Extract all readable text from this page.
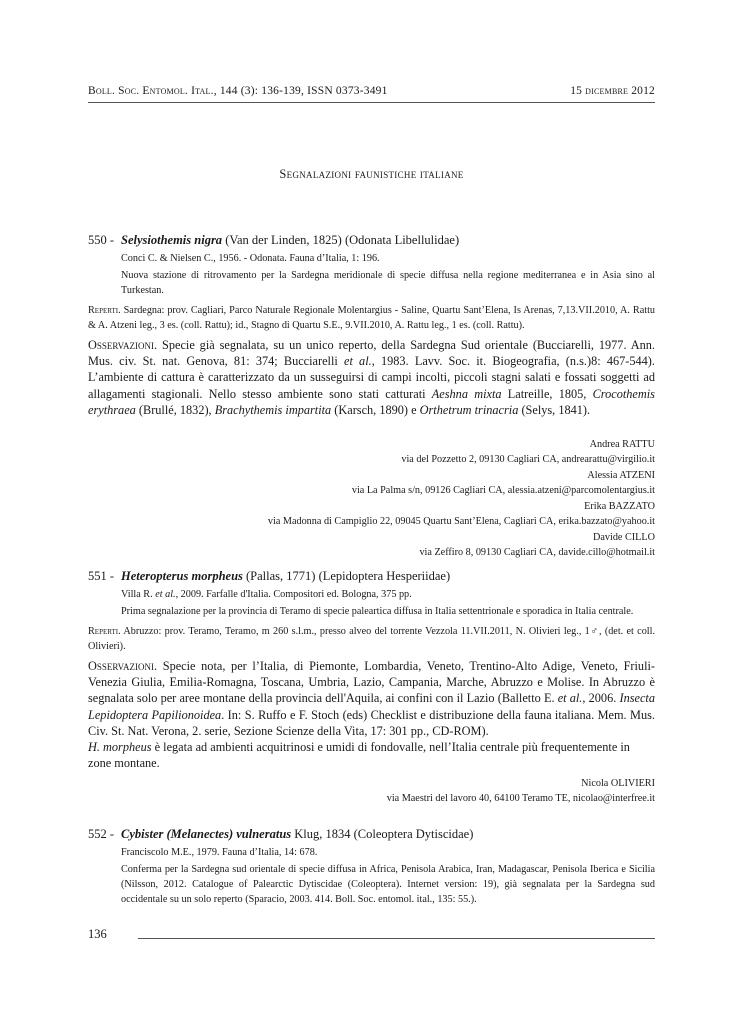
Boll. Soc. Entomol. Ital., 144 (3): 136-139, ISSN 0373-3491	15 dicembre 2012
Segnalazioni faunistiche italiane
550 - Selysiothemis nigra (Van der Linden, 1825) (Odonata Libellulidae)
Conci C. & Nielsen C., 1956. - Odonata. Fauna d’Italia, 1: 196.
Nuova stazione di ritrovamento per la Sardegna meridionale di specie diffusa nella regione mediterranea e in Asia sino al Turkestan.
Reperti. Sardegna: prov. Cagliari, Parco Naturale Regionale Molentargius - Saline, Quartu Sant’Elena, Is Arenas, 7,13.VII.2010, A. Rattu & A. Atzeni leg., 3 es. (coll. Rattu); id., Stagno di Quartu S.E., 9.VII.2010, A. Rattu leg., 1 es. (coll. Rattu).
Osservazioni. Specie già segnalata, su un unico reperto, della Sardegna Sud orientale (Bucciarelli, 1977. Ann. Mus. civ. St. nat. Genova, 81: 374; Bucciarelli et al., 1983. Lavv. Soc. it. Biogeografia, (n.s.)8: 467-544). L’ambiente di cattura è caratterizzato da un susseguirsi di campi incolti, piccoli stagni salati e fossati soggetti ad allagamenti stagionali. Nello stesso ambiente sono stati catturati Aeshna mixta Latreille, 1805, Crocothemis erythraea (Brullé, 1832), Brachythemis impartita (Karsch, 1890) e Orthetrum trinacria (Selys, 1841).
Andrea RATTU
via del Pozzetto 2, 09130 Cagliari CA, andrearattu@virgilio.it
Alessia ATZENI
via La Palma s/n, 09126 Cagliari CA, alessia.atzeni@parcomolentargius.it
Erika BAZZATO
via Madonna di Campiglio 22, 09045 Quartu Sant’Elena, Cagliari CA, erika.bazzato@yahoo.it
Davide CILLO
via Zeffiro 8, 09130 Cagliari CA, davide.cillo@hotmail.it
551 - Heteropterus morpheus (Pallas, 1771) (Lepidoptera Hesperiidae)
Villa R. et al., 2009. Farfalle d'Italia. Compositori ed. Bologna, 375 pp.
Prima segnalazione per la provincia di Teramo di specie paleartica diffusa in Italia settentrionale e sporadica in Italia centrale.
Reperti. Abruzzo: prov. Teramo, Teramo, m 260 s.l.m., presso alveo del torrente Vezzola 11.VII.2011, N. Olivieri leg., 1♂, (det. et coll. Olivieri).
Osservazioni. Specie nota, per l’Italia, di Piemonte, Lombardia, Veneto, Trentino-Alto Adige, Veneto, Friuli-Venezia Giulia, Emilia-Romagna, Toscana, Umbria, Lazio, Campania, Marche, Abruzzo e Molise. In Abruzzo è segnalata solo per aree montane della provincia dell'Aquila, ai confini con il Lazio (Balletto E. et al., 2006. Insecta Lepidoptera Papilionoidea. In: S. Ruffo e F. Stoch (eds) Checklist e distribuzione della fauna italiana. Mem. Mus. Civ. St. Nat. Verona, 2. serie, Sezione Scienze della Vita, 17: 301 pp., CD-ROM).
H. morpheus è legata ad ambienti acquitrinosi e umidi di fondovalle, nell’Italia centrale più frequentemente in zone montane.
Nicola OLIVIERI
via Maestri del lavoro 40, 64100 Teramo TE, nicolao@interfree.it
552 - Cybister (Melanectes) vulneratus Klug, 1834 (Coleoptera Dytiscidae)
Franciscolo M.E., 1979. Fauna d’Italia, 14: 678.
Conferma per la Sardegna sud orientale di specie diffusa in Africa, Penisola Arabica, Iran, Madagascar, Penisola Iberica e Sicilia (Nilsson, 2012. Catalogue of Palearctic Dytiscidae (Coleoptera). Internet version: 19), già segnalata per la Sardegna sud occidentale su un solo reperto (Sparacio, 2003. 414. Boll. Soc. entomol. ital., 135: 55.).
136
